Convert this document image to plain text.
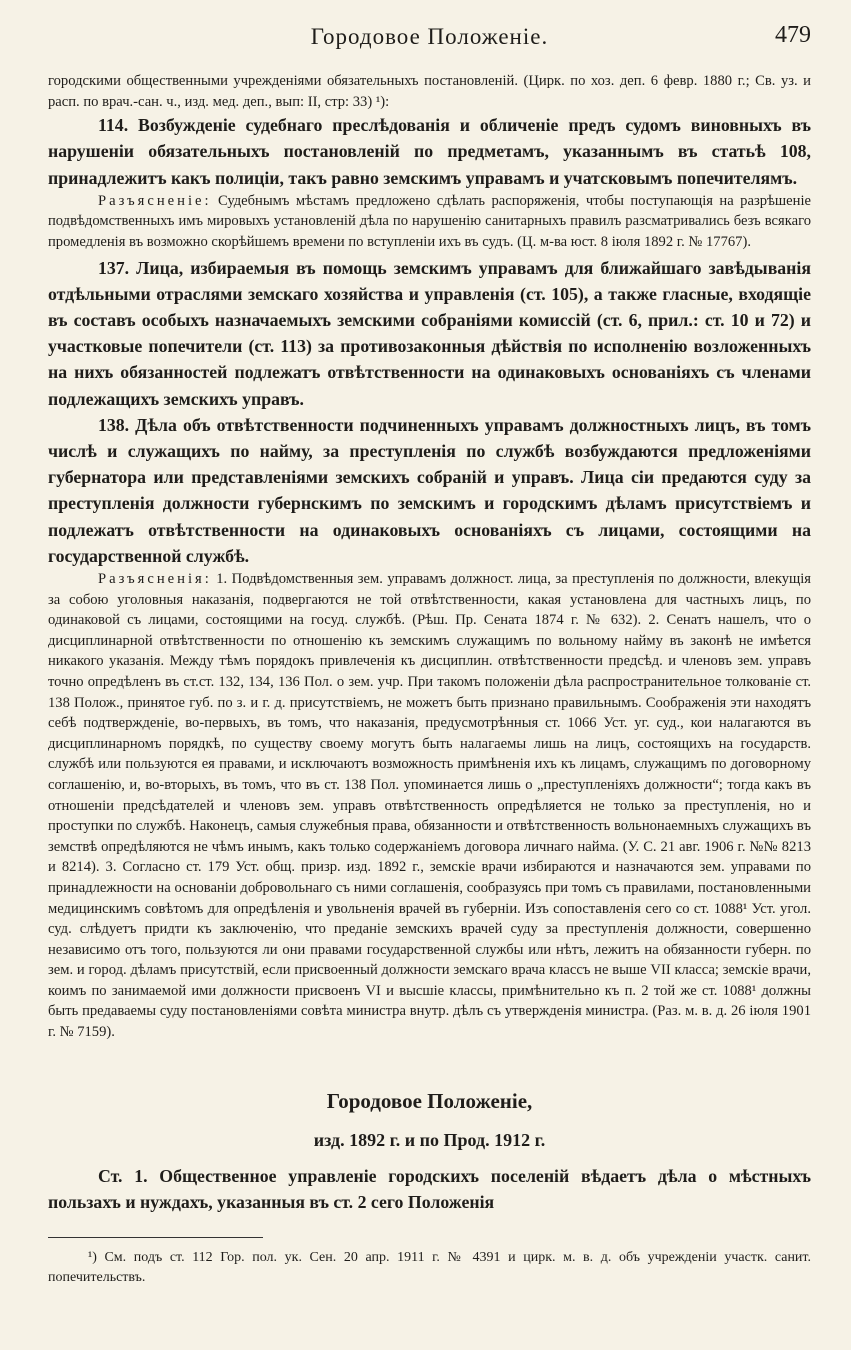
Городовое Положеніе.	479

городскими общественными учрежденіями обязательныхъ постановленій. (Цирк. по хоз. деп. 6 февр. 1880 г.; Св. уз. и расп. по врач.-сан. ч., изд. мед. деп., вып: II, стр: 33) ¹):

114. Возбужденіе судебнаго преслѣдованія и обличеніе предъ судомъ виновныхъ въ нарушеніи обязательныхъ постановленій по предметамъ, указаннымъ въ статьѣ 108, принадлежитъ какъ полиціи, такъ равно земскимъ управамъ и учатсковымъ попечителямъ.

Разъясненіе: Судебнымъ мѣстамъ предложено сдѣлать распоряженія, чтобы поступающія на разрѣшеніе подвѣдомственныхъ имъ мировыхъ установленій дѣла по нарушенію санитарныхъ правилъ разсматривались безъ всякаго промедленія въ возможно скорѣйшемъ времени по вступленіи ихъ въ судъ. (Ц. м-ва юст. 8 іюля 1892 г. № 17767).

137. Лица, избираемыя въ помощь земскимъ управамъ для ближайшаго завѣдыванія отдѣльными отраслями земскаго хозяйства и управленія (ст. 105), а также гласные, входящіе въ составъ особыхъ назначаемыхъ земскими собраніями комиссій (ст. 6, прил.: ст. 10 и 72) и участковые попечители (ст. 113) за противозаконныя дѣйствія по исполненію возложенныхъ на нихъ обязанностей подлежатъ отвѣтственности на одинаковыхъ основаніяхъ съ членами подлежащихъ земскихъ управъ.

138. Дѣла объ отвѣтственности подчиненныхъ управамъ должностныхъ лицъ, въ томъ числѣ и служащихъ по найму, за преступленія по службѣ возбуждаются предложеніями губернатора или представленіями земскихъ собраній и управъ. Лица сіи предаются суду за преступленія должности губернскимъ по земскимъ и городскимъ дѣламъ присутствіемъ и подлежатъ отвѣтственности на одинаковыхъ основаніяхъ съ лицами, состоящими на государственной службѣ.

Разъясненія: 1. Подвѣдомственныя зем. управамъ должност. лица, за преступленія по должности, влекущія за собою уголовныя наказанія, подвергаются не той отвѣтственности, какая установлена для частныхъ лицъ, по одинаковой съ лицами, состоящими на госуд. службѣ. (Рѣш. Пр. Сената 1874 г. № 632). 2. Сенатъ нашелъ, что о дисциплинарной отвѣтственности по отношенію къ земскимъ служащимъ по вольному найму въ законѣ не имѣется никакого указанія. Между тѣмъ порядокъ привлеченія къ дисциплин. отвѣтственности предсѣд. и членовъ зем. управъ точно опредѣленъ въ ст.ст. 132, 134, 136 Пол. о зем. учр. При такомъ положеніи дѣла распространительное толкованіе ст. 138 Полож., принятое губ. по з. и г. д. присутствіемъ, не можетъ быть признано правильнымъ. Соображенія эти находятъ себѣ подтвержденіе, во-первыхъ, въ томъ, что наказанія, предусмотрѣнныя ст. 1066 Уст. уг. суд., кои налагаются въ дисциплинарномъ порядкѣ, по существу своему могутъ быть налагаемы лишь на лицъ, состоящихъ на государств. службѣ или пользуются ея правами, и исключаютъ возможность примѣненія ихъ къ лицамъ, служащимъ по договорному соглашенію, и, во-вторыхъ, въ томъ, что въ ст. 138 Пол. упоминается лишь о „преступленіяхъ должности“; тогда какъ въ отношеніи предсѣдателей и членовъ зем. управъ отвѣтственность опредѣляется не только за преступленія, но и проступки по службѣ. Наконецъ, самыя служебныя права, обязанности и отвѣтственность вольнонаемныхъ служащихъ въ земствѣ опредѣляются не чѣмъ инымъ, какъ только содержаніемъ договора личнаго найма. (У. С. 21 авг. 1906 г. №№ 8213 и 8214). 3. Согласно ст. 179 Уст. общ. призр. изд. 1892 г., земскіе врачи избираются и назначаются зем. управами по принадлежности на основаніи добровольнаго съ ними соглашенія, сообразуясь при томъ съ правилами, постановленными медицинскимъ совѣтомъ для опредѣленія и увольненія врачей въ губерніи. Изъ сопоставленія сего со ст. 1088¹ Уст. угол. суд. слѣдуетъ придти къ заключенію, что преданіе земскихъ врачей суду за преступленія должности, совершенно независимо отъ того, пользуются ли они правами государственной службы или нѣтъ, лежитъ на обязанности губерн. по зем. и город. дѣламъ присутствій, если присвоенный должности земскаго врача классъ не выше VII класса; земскіе врачи, коимъ по занимаемой ими должности присвоенъ VI и высшіе классы, примѣнительно къ п. 2 той же ст. 1088¹ должны быть предаваемы суду постановленіями совѣта министра внутр. дѣлъ съ утвержденія министра. (Раз. м. в. д. 26 іюля 1901 г. № 7159).

Городовое Положеніе,
изд. 1892 г. и по Прод. 1912 г.

Ст. 1. Общественное управленіе городскихъ поселеній вѣдаетъ дѣла о мѣстныхъ пользахъ и нуждахъ, указанныя въ ст. 2 сего Положенія

¹) См. подъ ст. 112 Гор. пол. ук. Сен. 20 апр. 1911 г. № 4391 и цирк. м. в. д. объ учрежденіи участк. санит. попечительствъ.
